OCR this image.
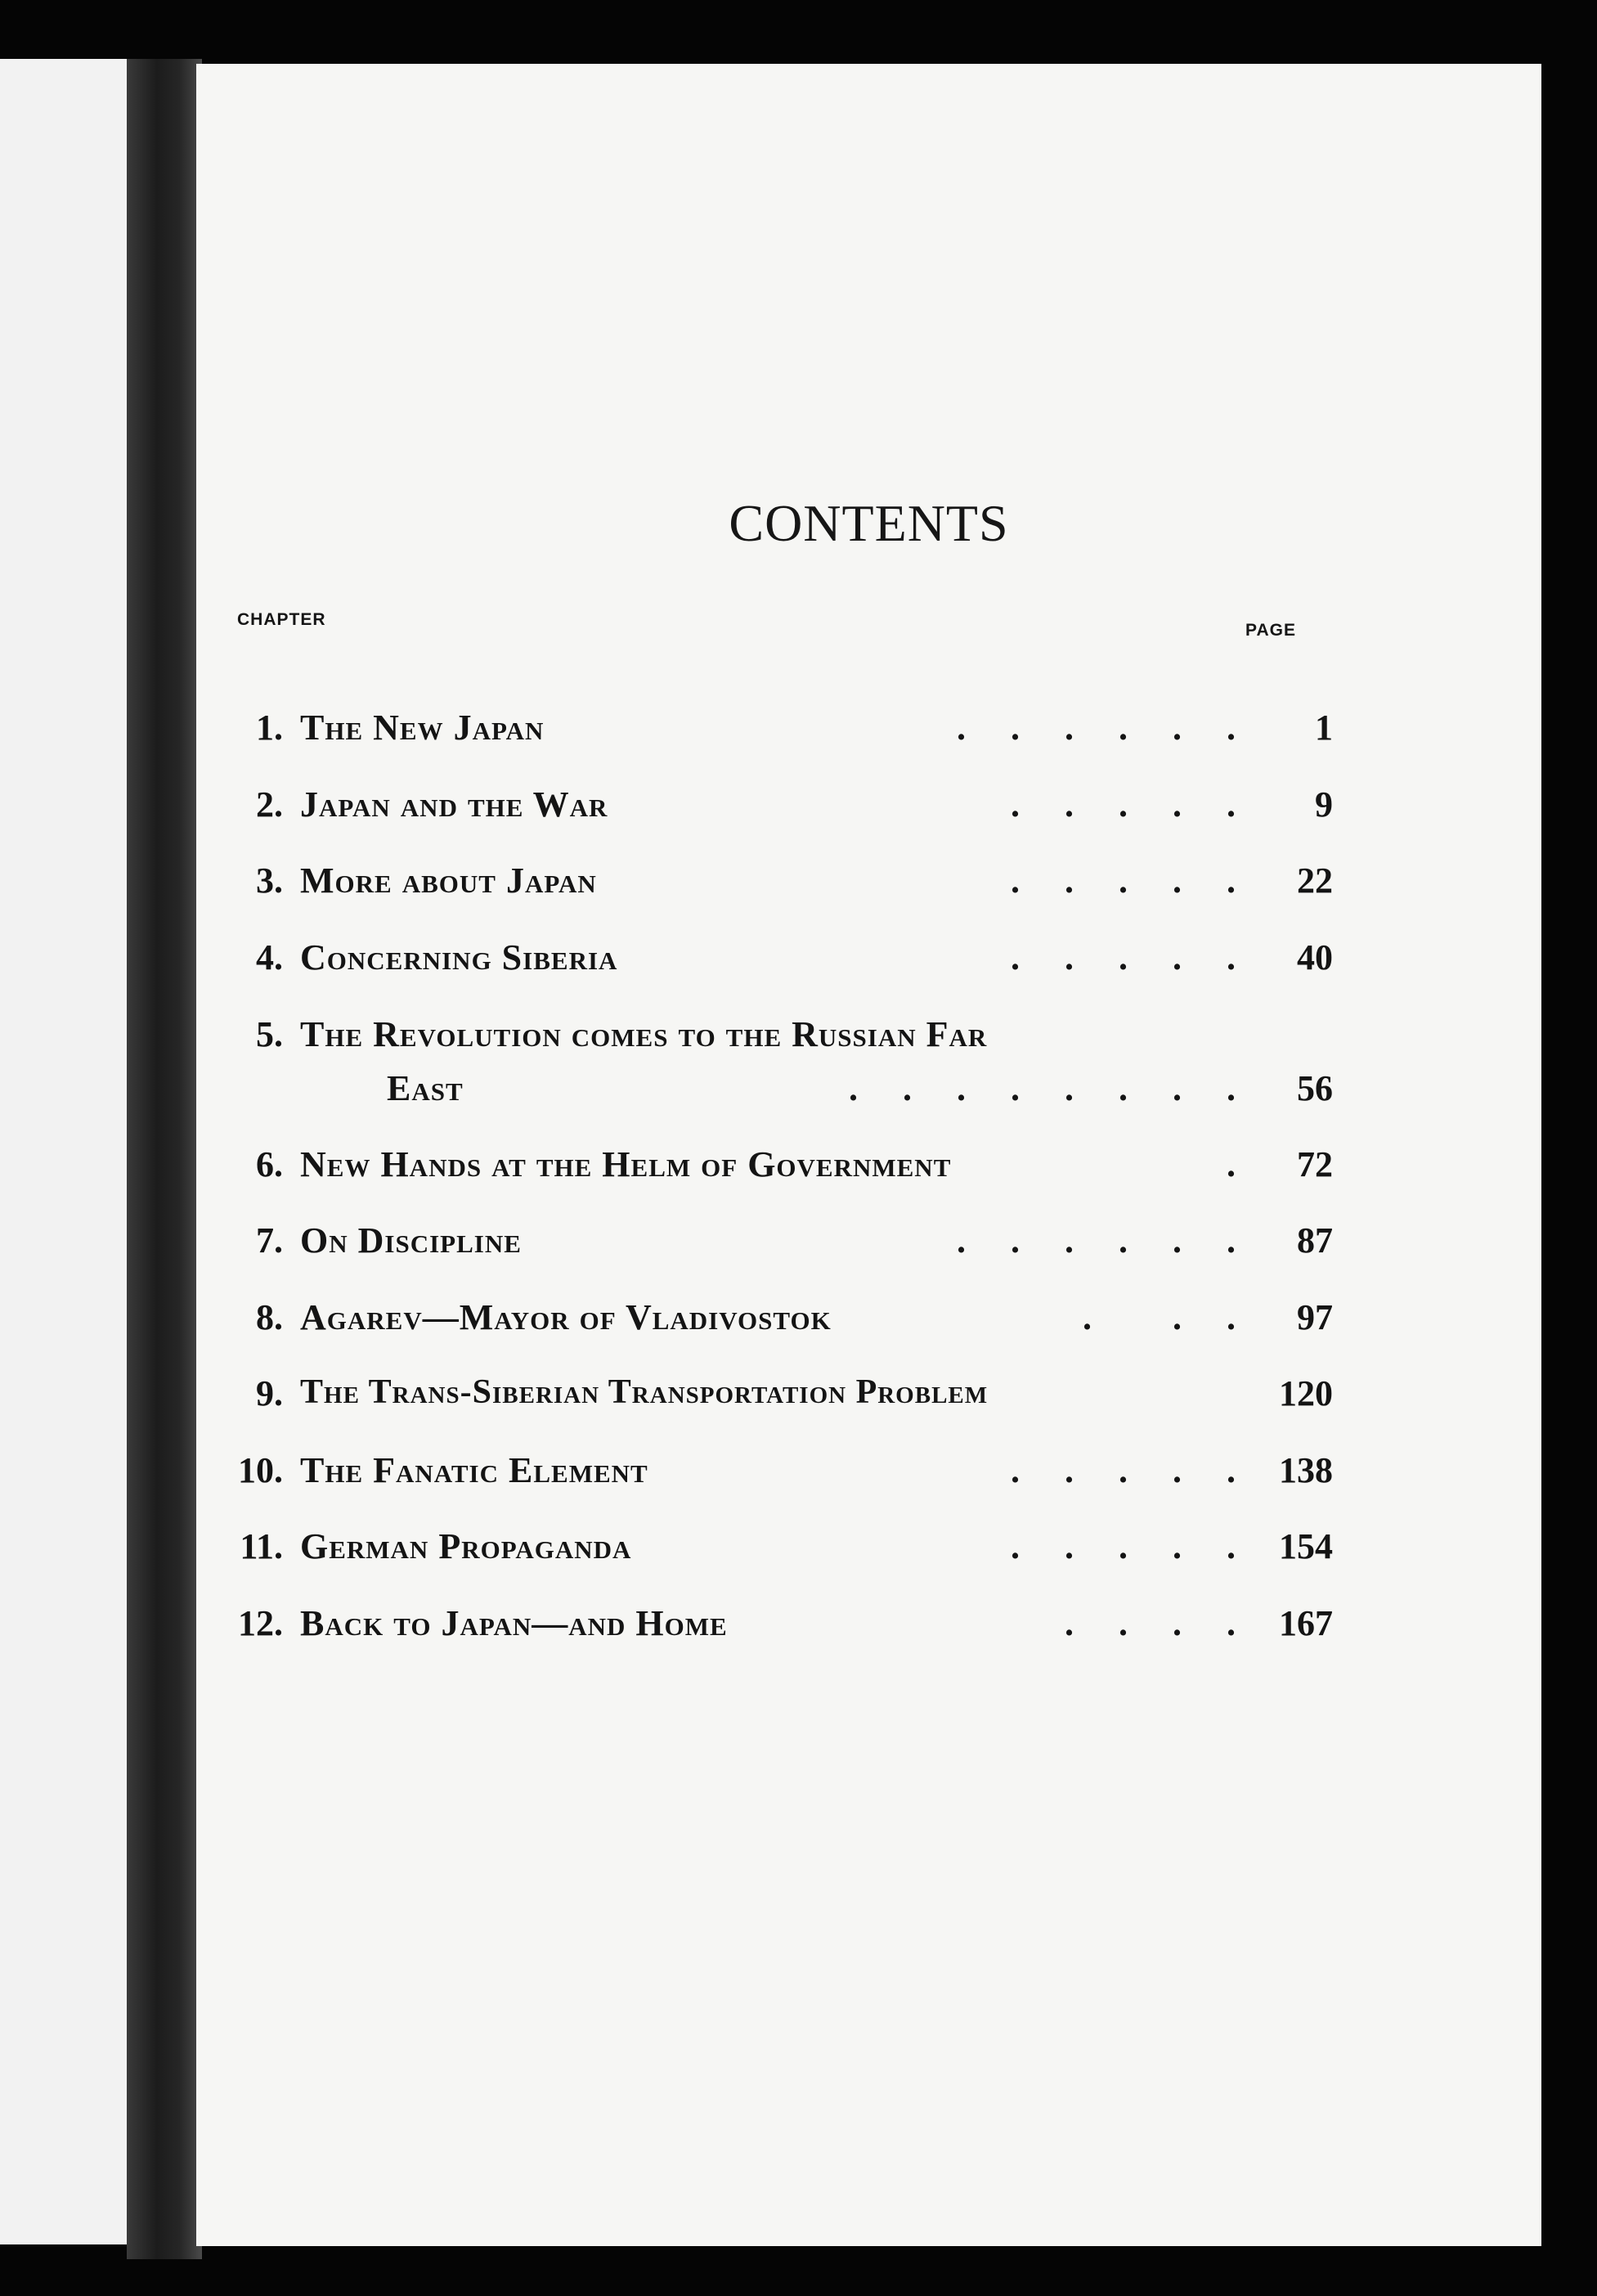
CONTENTS
CHAPTER
PAGE
1. The New Japan	.     .     .     .     .     .	1
2. Japan and the War	.     .     .     .     .	9
3. More about Japan	.     .     .     .     .	22
4. Concerning Siberia	.     .     .     .     .	40
5. The Revolution comes to the Russian Far
East	.     .     .     .     .     .     .     .	56
6. New Hands at the Helm of Government	.	72
7. On Discipline	.     .     .     .     .     .	87
8. Agarev—Mayor of Vladivostok	.         .     .	97
9. The Trans-Siberian Transportation Problem	120
10. The Fanatic Element	.     .     .     .     .	138
11. German Propaganda	.     .     .     .     .	154
12. Back to Japan—and Home	.     .     .     .	167
